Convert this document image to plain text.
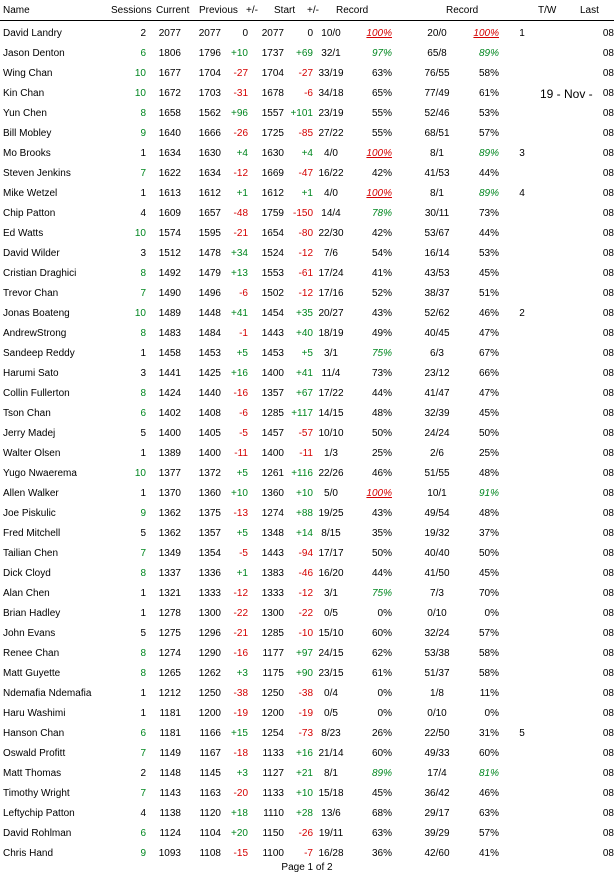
Name	Sessions Current Previous +/- Start +/- Record	Record	T/W Last
David Landry	2	2077	2077	0	2077	0 10/0	100%	20/0	100%	1	08
Jason Denton	6	1806	1796	+10	1737	+69 32/1	97%	65/8	89%	08
Wing Chan	10	1677	1704	-27	1704	-27 33/19	63%	76/55	58%	08
Kin Chan	10	1672	1703	-31	1678	-6 34/18	65%	77/49	61%	08
Yun Chen	8	1658	1562	+96	1557 +101 23/19	55%	52/46	53%	08
Bill Mobley	9	1640	1666	-26	1725	-85 27/22	55%	68/51	57%	08
Mo Brooks	1	1634	1630	+4	1630	+4	4/0	100%	8/1	89%	3	08
Steven Jenkins	7	1622	1634	-12	1669	-47 16/22	42%	41/53	44%	08
Mike Wetzel	1	1613	1612	+1	1612	+1	4/0	100%	8/1	89%	4	08
Chip Patton	4	1609	1657	-48	1759 -150 14/4	78%	30/11	73%	08
Ed Watts	10	1574	1595	-21	1654	-80 22/30	42%	53/67	44%	08
David Wilder	3	1512	1478	+34	1524	-12	7/6	54%	16/14	53%	08
Cristian Draghici	8	1492	1479	+13	1553	-61 17/24	41%	43/53	45%	08
Trevor Chan	7	1490	1496	-6	1502	-12 17/16	52%	38/37	51%	08
Jonas Boateng	10	1489	1448	+41	1454	+35 20/27	43%	52/62	46%	2	08
AndrewStrong	8	1483	1484	-1	1443	+40 18/19	49%	40/45	47%	08
Sandeep Reddy	1	1458	1453	+5	1453	+5	3/1	75%	6/3	67%	08
Harumi Sato	3	1441	1425	+16	1400	+41 11/4	73%	23/12	66%	08
Collin Fullerton	8	1424	1440	-16	1357	+67 17/22	44%	41/47	47%	08
Tson Chan	6	1402	1408	-6	1285 +117 14/15	48%	32/39	45%	08
Jerry Madej	5	1400	1405	-5	1457	-57 10/10	50%	24/24	50%	08
Walter Olsen	1	1389	1400	-11	1400	-11	1/3	25%	2/6	25%	08
Yugo Nwaerema	10	1377	1372	+5	1261 +116 22/26	46%	51/55	48%	08
Allen Walker	1	1370	1360	+10	1360	+10	5/0	100%	10/1	91%	08
Joe Piskulic	9	1362	1375	-13	1274	+88 19/25	43%	49/54	48%	08
Fred Mitchell	5	1362	1357	+5	1348	+14 8/15	35%	19/32	37%	08
Tailian Chen	7	1349	1354	-5	1443	-94 17/17	50%	40/40	50%	08
Dick Cloyd	8	1337	1336	+1	1383	-46 16/20	44%	41/50	45%	08
Alan Chen	1	1321	1333	-12	1333	-12	3/1	75%	7/3	70%	08
Brian Hadley	1	1278	1300	-22	1300	-22	0/5	0%	0/10	0%	08
John Evans	5	1275	1296	-21	1285	-10 15/10	60%	32/24	57%	08
Renee Chan	8	1274	1290	-16	1177	+97 24/15	62%	53/38	58%	08
Matt Guyette	8	1265	1262	+3	1175	+90 23/15	61%	51/37	58%	08
Ndemafia Ndemafia	1	1212	1250	-38	1250	-38	0/4	0%	1/8	11%	08
Haru Washimi	1	1181	1200	-19	1200	-19	0/5	0%	0/10	0%	08
Hanson Chan	6	1181	1166	+15	1254	-73 8/23	26%	22/50	31%	5	08
Oswald Profitt	7	1149	1167	-18	1133	+16 21/14	60%	49/33	60%	08
Matt Thomas	2	1148	1145	+3	1127	+21	8/1	89%	17/4	81%	08
Timothy Wright	7	1143	1163	-20	1133	+10 15/18	45%	36/42	46%	08
Leftychip Patton	4	1138	1120	+18	1110	+28 13/6	68%	29/17	63%	08
David Rohlman	6	1124	1104	+20	1150	-26 19/11	63%	39/29	57%	08
Chris Hand	9	1093	1108	-15	1100	-7 16/28	36%	42/60	41%	08
19 - Nov -
Page 1 of 2
